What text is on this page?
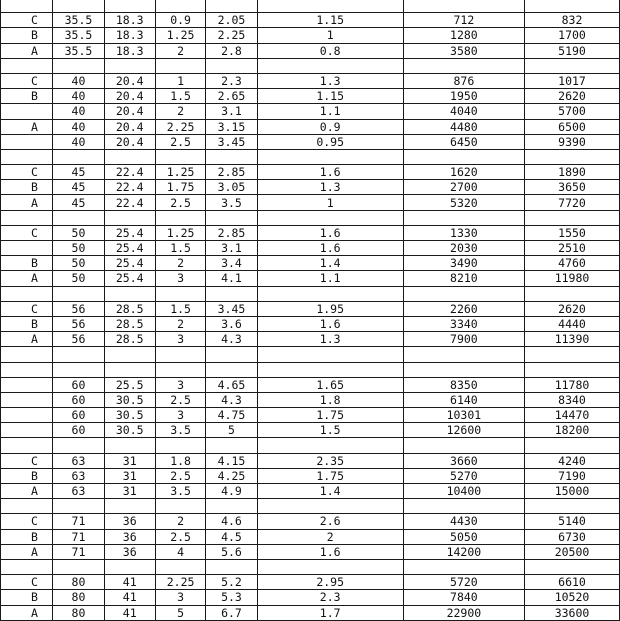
C	35.5	18.3	0.9	2.05	1.15	712	832
B	35.5	18.3	1.25	2.25	1	1280	1700
A	35.5	18.3	2	2.8	0.8	3580	5190

C	40	20.4	1	2.3	1.3	876	1017
B	40	20.4	1.5	2.65	1.15	1950	2620
	40	20.4	2	3.1	1.1	4040	5700
A	40	20.4	2.25	3.15	0.9	4480	6500
	40	20.4	2.5	3.45	0.95	6450	9390

C	45	22.4	1.25	2.85	1.6	1620	1890
B	45	22.4	1.75	3.05	1.3	2700	3650
A	45	22.4	2.5	3.5	1	5320	7720

C	50	25.4	1.25	2.85	1.6	1330	1550
	50	25.4	1.5	3.1	1.6	2030	2510
B	50	25.4	2	3.4	1.4	3490	4760
A	50	25.4	3	4.1	1.1	8210	11980

C	56	28.5	1.5	3.45	1.95	2260	2620
B	56	28.5	2	3.6	1.6	3340	4440
A	56	28.5	3	4.3	1.3	7900	11390

	60	25.5	3	4.65	1.65	8350	11780
	60	30.5	2.5	4.3	1.8	6140	8340
	60	30.5	3	4.75	1.75	10301	14470
	60	30.5	3.5	5	1.5	12600	18200

C	63	31	1.8	4.15	2.35	3660	4240
B	63	31	2.5	4.25	1.75	5270	7190
A	63	31	3.5	4.9	1.4	10400	15000

C	71	36	2	4.6	2.6	4430	5140
B	71	36	2.5	4.5	2	5050	6730
A	71	36	4	5.6	1.6	14200	20500

C	80	41	2.25	5.2	2.95	5720	6610
B	80	41	3	5.3	2.3	7840	10520
A	80	41	5	6.7	1.7	22900	33600
